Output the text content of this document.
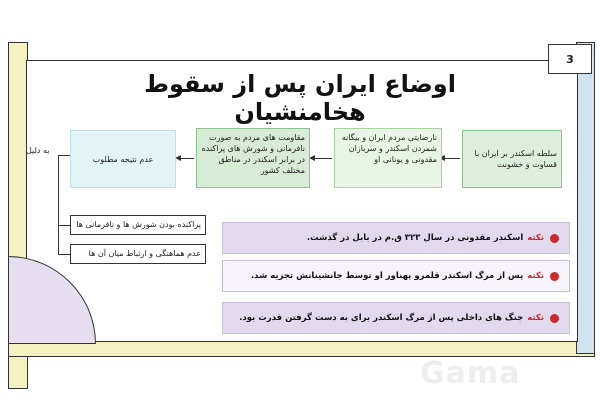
3
اوضاع ایران پس از سقوط هخامنشیان
سلطه اسکندر بر ایران با قساوت و خشونت
نارضایتی مردم ایران و بیگانه شمردن اسکندر و سربازان مقدونی و یونانی او
مقاومت های مردم به صورت نافرمانی و شورش های پراکنده در برابر اسکندر در مناطق مختلف کشور
عدم نتیجه مطلوب
به دلیل
پراکنده بودن شورش ها و نافرمانی ها
عدم هماهنگی و ارتباط میان آن ها
نکته
اسکندر مقدونی در سال ۳۲۳ ق.م در بابل در گذشت.
نکته
پس از مرگ اسکندر قلمرو پهناور او توسط جانشینانش تجزیه شد.
نکته
جنگ های داخلی پس از مرگ اسکندر برای به دست گرفتن قدرت بود.
Gama
